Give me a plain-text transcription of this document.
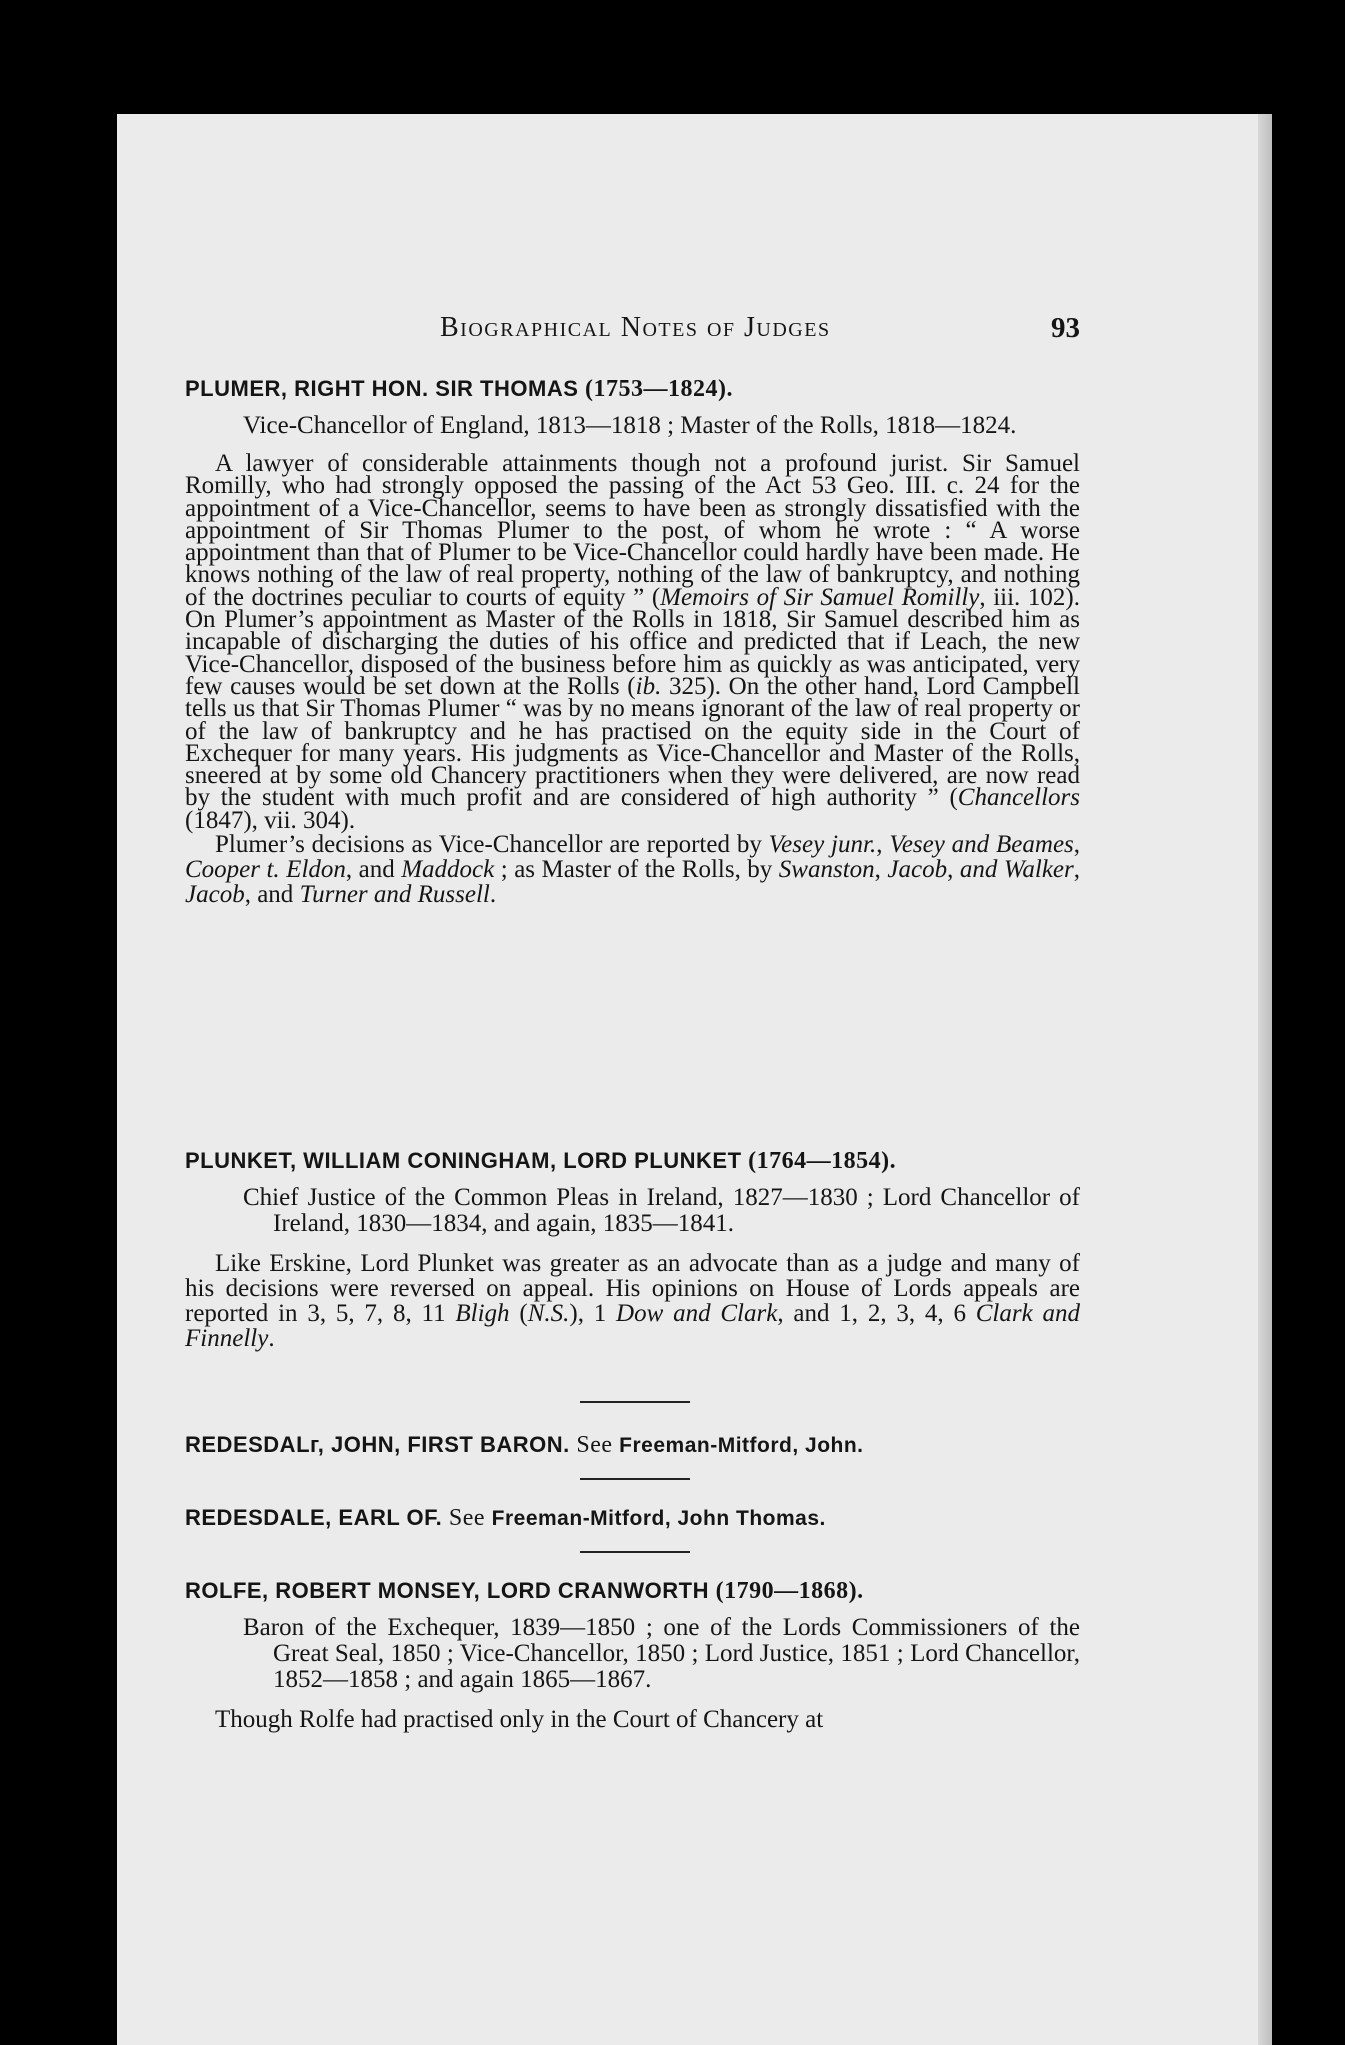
Biographical Notes of Judges	93
PLUMER, RIGHT HON. SIR THOMAS (1753—1824).
Vice-Chancellor of England, 1813—1818 ; Master of the Rolls, 1818—1824.
A lawyer of considerable attainments though not a profound jurist. Sir Samuel Romilly, who had strongly opposed the passing of the Act 53 Geo. III. c. 24 for the appointment of a Vice-Chancellor, seems to have been as strongly dissatisfied with the appointment of Sir Thomas Plumer to the post, of whom he wrote : “ A worse appointment than that of Plumer to be Vice-Chancellor could hardly have been made. He knows nothing of the law of real property, nothing of the law of bankruptcy, and nothing of the doctrines peculiar to courts of equity ” (Memoirs of Sir Samuel Romilly, iii. 102). On Plumer’s appointment as Master of the Rolls in 1818, Sir Samuel described him as incapable of discharging the duties of his office and predicted that if Leach, the new Vice-Chancellor, disposed of the business before him as quickly as was anticipated, very few causes would be set down at the Rolls (ib. 325). On the other hand, Lord Campbell tells us that Sir Thomas Plumer “ was by no means ignorant of the law of real property or of the law of bankruptcy and he has practised on the equity side in the Court of Exchequer for many years. His judgments as Vice-Chancellor and Master of the Rolls, sneered at by some old Chancery practitioners when they were delivered, are now read by the student with much profit and are considered of high authority ” (Chancellors (1847), vii. 304).
Plumer’s decisions as Vice-Chancellor are reported by Vesey junr., Vesey and Beames, Cooper t. Eldon, and Maddock ; as Master of the Rolls, by Swanston, Jacob, and Walker, Jacob, and Turner and Russell.
PLUNKET, WILLIAM CONINGHAM, LORD PLUNKET (1764—1854).
Chief Justice of the Common Pleas in Ireland, 1827—1830 ; Lord Chancellor of Ireland, 1830—1834, and again, 1835—1841.
Like Erskine, Lord Plunket was greater as an advocate than as a judge and many of his decisions were reversed on appeal. His opinions on House of Lords appeals are reported in 3, 5, 7, 8, 11 Bligh (N.S.), 1 Dow and Clark, and 1, 2, 3, 4, 6 Clark and Finnelly.
REDESDALг, JOHN, FIRST BARON. See Freeman-Mitford, John.
REDESDALE, EARL OF. See Freeman-Mitford, John Thomas.
ROLFE, ROBERT MONSEY, LORD CRANWORTH (1790—1868).
Baron of the Exchequer, 1839—1850 ; one of the Lords Commissioners of the Great Seal, 1850 ; Vice-Chancellor, 1850 ; Lord Justice, 1851 ; Lord Chancellor, 1852—1858 ; and again 1865—1867.
Though Rolfe had practised only in the Court of Chancery at
